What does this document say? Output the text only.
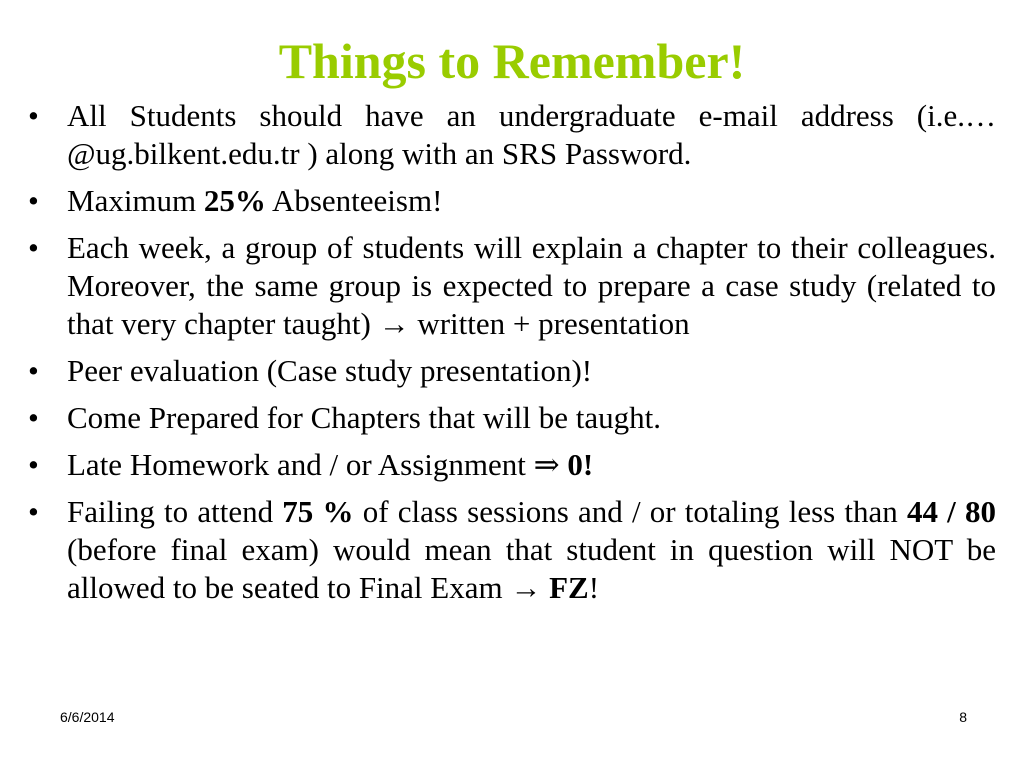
Things to Remember!
• All Students should have an undergraduate e-mail address (i.e.…@ug.bilkent.edu.tr ) along with an SRS Password.
• Maximum 25% Absenteeism!
• Each week, a group of students will explain a chapter to their colleagues. Moreover, the same group is expected to prepare a case study (related to that very chapter taught) → written + presentation
• Peer evaluation (Case study presentation)!
• Come Prepared for Chapters that will be taught.
• Late Homework and / or Assignment ⇒ 0!
• Failing to attend 75 % of class sessions and / or totaling less than 44 / 80 (before final exam) would mean that student in question will NOT be allowed to be seated to Final Exam → FZ!
6/6/2014	8
